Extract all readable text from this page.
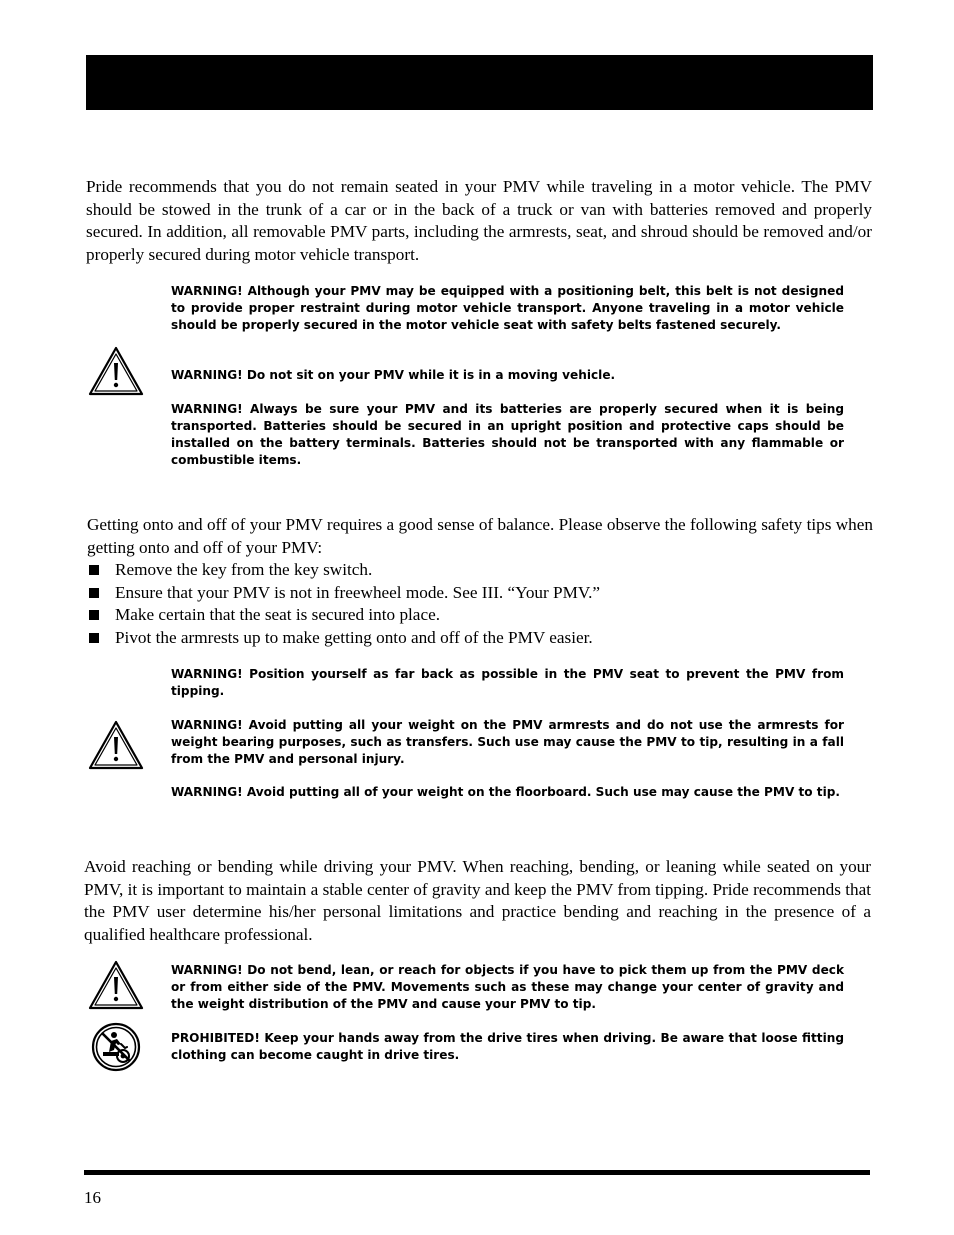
Pride recommends that you do not remain seated in your PMV while traveling in a motor vehicle. The PMV should be stowed in the trunk of a car or in the back of a truck or van with batteries removed and properly secured. In addition, all removable PMV parts, including the armrests, seat, and shroud should be removed and/or properly secured during motor vehicle transport.

WARNING! Although your PMV may be equipped with a positioning belt, this belt is not designed to provide proper restraint during motor vehicle transport. Anyone traveling in a motor vehicle should be properly secured in the motor vehicle seat with safety belts fastened securely.

WARNING! Do not sit on your PMV while it is in a moving vehicle.

WARNING! Always be sure your PMV and its batteries are properly secured when it is being transported. Batteries should be secured in an upright position and protective caps should be installed on the battery terminals. Batteries should not be transported with any flammable or combustible items.

Getting onto and off of your PMV requires a good sense of balance. Please observe the following safety tips when getting onto and off of your PMV:

Remove the key from the key switch.
Ensure that your PMV is not in freewheel mode. See III. “Your PMV.”
Make certain that the seat is secured into place.
Pivot the armrests up to make getting onto and off of the PMV easier.

WARNING! Position yourself as far back as possible in the PMV seat to prevent the PMV from tipping.

WARNING! Avoid putting all your weight on the PMV armrests and do not use the armrests for weight bearing purposes, such as transfers. Such use may cause the PMV to tip, resulting in a fall from the PMV and personal injury.

WARNING! Avoid putting all of your weight on the floorboard. Such use may cause the PMV to tip.

Avoid reaching or bending while driving your PMV. When reaching, bending, or leaning while seated on your PMV, it is important to maintain a stable center of gravity and keep the PMV from tipping. Pride recommends that the PMV user determine his/her personal limitations and practice bending and reaching in the presence of a qualified healthcare professional.

WARNING! Do not bend, lean, or reach for objects if you have to pick them up from the PMV deck or from either side of the PMV. Movements such as these may change your center of gravity and the weight distribution of the PMV and cause your PMV to tip.

PROHIBITED! Keep your hands away from the drive tires when driving. Be aware that loose fitting clothing can become caught in drive tires.

16
